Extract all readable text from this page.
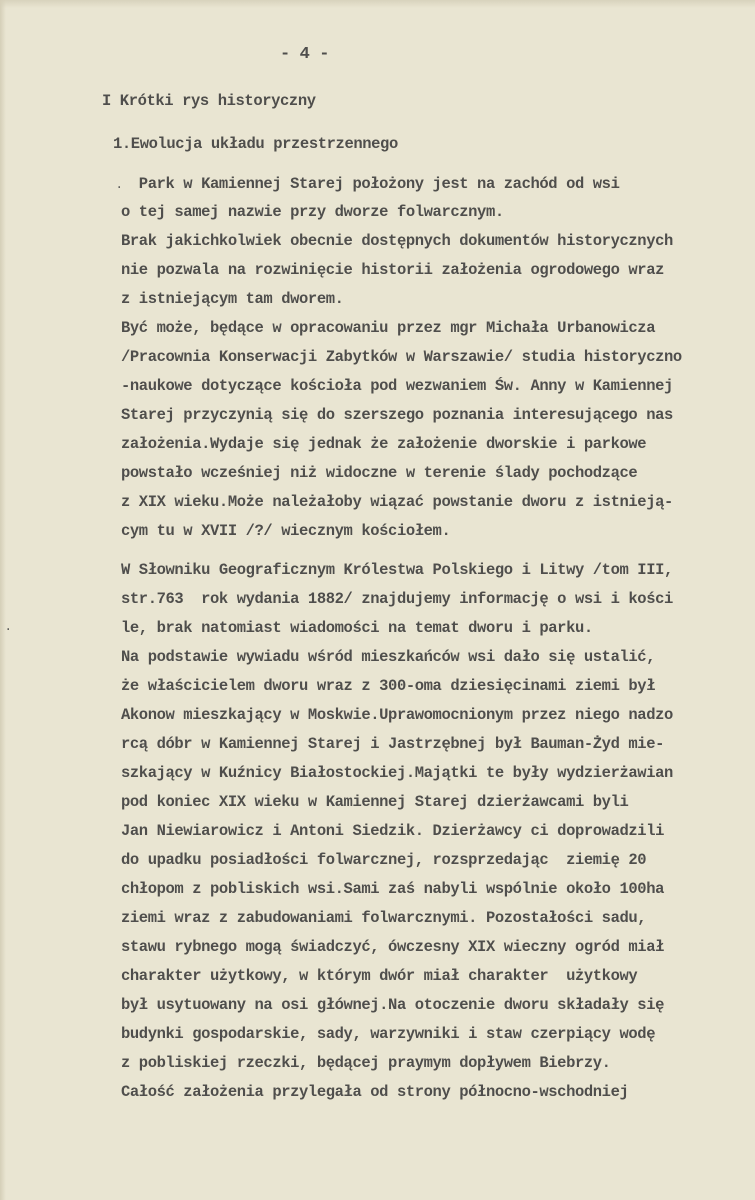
- 4 -

I Krótki rys historyczny

1.Ewolucja układu przestrzennego

Park w Kamiennej Starej położony jest na zachód od wsi

o tej samej nazwie przy dworze folwarcznym.

Brak jakichkolwiek obecnie dostępnych dokumentów historycznych

nie pozwala na rozwinięcie historii założenia ogrodowego wraz

z istniejącym tam dworem.

Być może, będące w opracowaniu przez mgr Michała Urbanowicza

/Pracownia Konserwacji Zabytków w Warszawie/ studia historyczno

-naukowe dotyczące kościoła pod wezwaniem Św. Anny w Kamiennej

Starej przyczynią się do szerszego poznania interesującego nas

założenia.Wydaje się jednak że założenie dworskie i parkowe

powstało wcześniej niż widoczne w terenie ślady pochodzące

z XIX wieku.Może należałoby wiązać powstanie dworu z istnieją-

cym tu w XVII /?/ wiecznym kościołem.

W Słowniku Geograficznym Królestwa Polskiego i Litwy /tom III,

str.763  rok wydania 1882/ znajdujemy informację o wsi i kości

le, brak natomiast wiadomości na temat dworu i parku.

Na podstawie wywiadu wśród mieszkańców wsi dało się ustalić,

że właścicielem dworu wraz z 300-oma dziesięcinami ziemi był

Akonow mieszkający w Moskwie.Uprawomocnionym przez niego nadzo

rcą dóbr w Kamiennej Starej i Jastrzębnej był Bauman-Żyd mie-

szkający w Kuźnicy Białostockiej.Majątki te były wydzierżawian

pod koniec XIX wieku w Kamiennej Starej dzierżawcami byli

Jan Niewiarowicz i Antoni Siedzik. Dzierżawcy ci doprowadzili

do upadku posiadłości folwarcznej, rozsprzedając  ziemię 20

chłopom z pobliskich wsi.Sami zaś nabyli wspólnie około 100ha

ziemi wraz z zabudowaniami folwarcznymi. Pozostałości sadu,

stawu rybnego mogą świadczyć, ówczesny XIX wieczny ogród miał

charakter użytkowy, w którym dwór miał charakter  użytkowy

był usytuowany na osi głównej.Na otoczenie dworu składały się

budynki gospodarskie, sady, warzywniki i staw czerpiący wodę

z pobliskiej rzeczki, będącej praymym dopływem Biebrzy.

Całość założenia przylegała od strony północno-wschodniej

·
·
